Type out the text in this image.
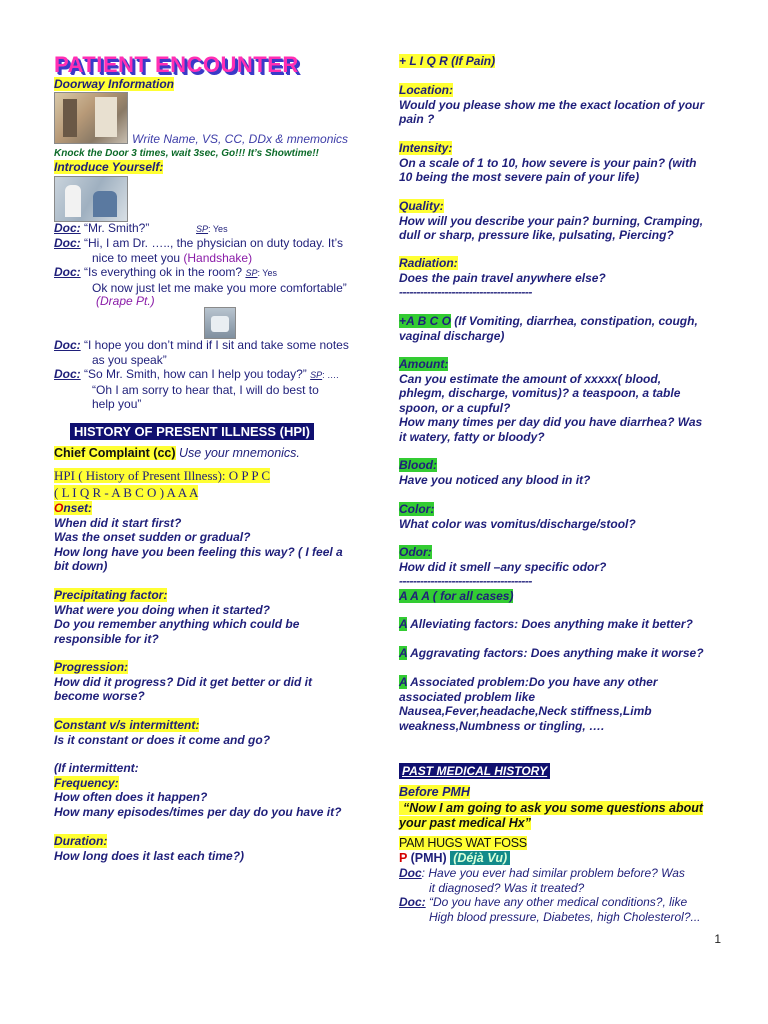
PATIENT ENCOUNTER
Doorway Information
Write Name, VS, CC, DDx & mnemonics
Knock the Door 3 times, wait 3sec, Go!!! It’s Showtime!!
Introduce Yourself:
Doc: “Mr. Smith?”	SP: Yes
Doc: “Hi, I am Dr. ….., the physician on duty today. It’s
nice to meet you (Handshake)
Doc: “Is everything ok in the room? SP: Yes
Ok now just let me make you more comfortable”
(Drape Pt.)
Doc: “I hope you don’t mind if I sit and take some notes
as you speak”
Doc: “So Mr. Smith, how can I help you today?” SP: ….
“Oh I am sorry to hear that, I will do best to
help you”
HISTORY OF PRESENT ILLNESS (HPI)
Chief Complaint (cc) Use your mnemonics.
HPI ( History of Present Illness): O P P C
( L I Q R - A B C O ) A A A
Onset:
When did it start first?
Was the onset sudden or gradual?
How long have you been feeling this way? ( I feel a
bit down)
Precipitating factor:
What were you doing when it started?
Do you remember anything which could be
responsible for it?
Progression:
How did it progress? Did it get better or did it
become worse?
Constant v/s intermittent:
Is it constant or does it come and go?
(If intermittent:
Frequency:
How often does it happen?
How many episodes/times per day do you have it?
Duration:
How long does it last each time?)
+ L I Q R (If Pain)
Location:
Would you please show me the exact location of your
pain ?
Intensity:
On a scale of 1 to 10, how severe is your pain? (with
10 being the most severe pain of your life)
Quality:
How will you describe your pain? burning, Cramping,
dull or sharp, pressure like, pulsating, Piercing?
Radiation:
Does the pain travel anywhere else?
--------------------------------------
+A B C O (If Vomiting, diarrhea, constipation, cough,
vaginal discharge)
Amount:
Can you estimate the amount of xxxxx( blood,
phlegm, discharge, vomitus)? a teaspoon, a table
spoon, or a cupful?
How many times per day did you have diarrhea? Was
it watery, fatty or bloody?
Blood:
Have you noticed any blood in it?
Color:
What color was vomitus/discharge/stool?
Odor:
How did it smell –any specific odor?
--------------------------------------
A A A ( for all cases)
A Alleviating factors: Does anything make it better?
A Aggravating factors: Does anything make it worse?
A Associated problem:Do you have any other
associated problem like
Nausea,Fever,headache,Neck stiffness,Limb
weakness,Numbness or tingling, ….
PAST MEDICAL HISTORY
Before PMH
“Now I am going to ask you some questions about
your past medical Hx”
PAM HUGS WAT FOSS
P (PMH) (Déjà Vu)
Doc: Have you ever had similar problem before? Was
it diagnosed? Was it treated?
Doc: “Do you have any other medical conditions?, like
High blood pressure, Diabetes, high Cholesterol?...
1
